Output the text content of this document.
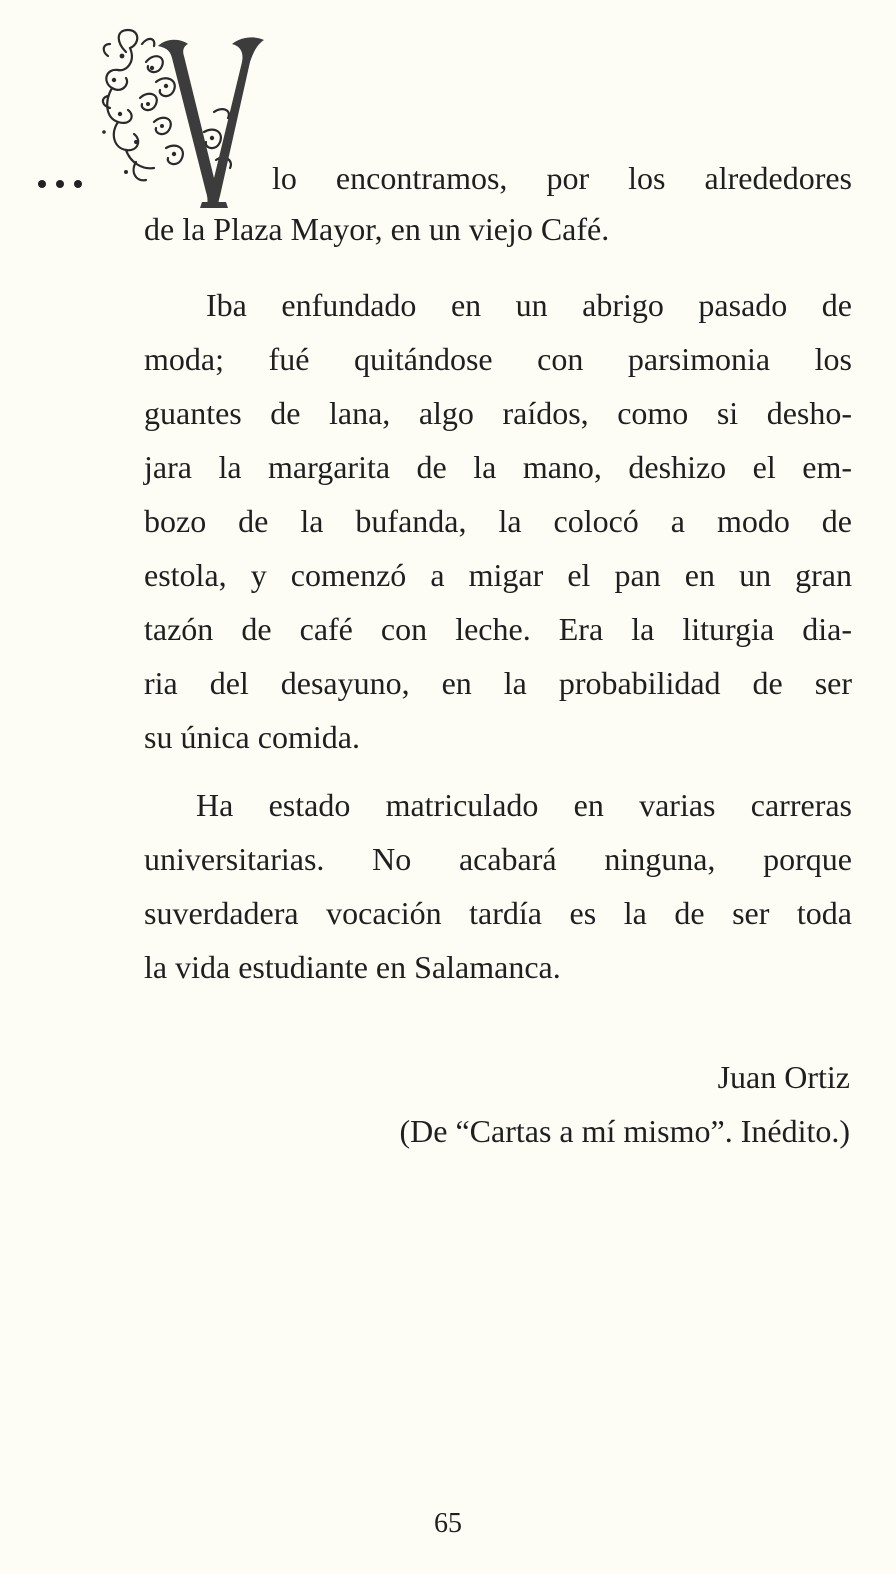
lo encontramos, por los alrededores
de la Plaza Mayor, en un viejo Café.
Iba enfundado en un abrigo pasado de
moda; fué quitándose con parsimonia los
guantes de lana, algo raídos, como si desho-
jara la margarita de la mano, deshizo el em-
bozo de la bufanda, la colocó a modo de
estola, y comenzó a migar el pan en un gran
tazón de café con leche. Era la liturgia dia-
ria del desayuno, en la probabilidad de ser
su única comida.
Ha estado matriculado en varias carreras
universitarias. No acabará ninguna, porque
suverdadera vocación tardía es la de ser toda
la vida estudiante en Salamanca.
Juan Ortiz
(De “Cartas a mí mismo”. Inédito.)
65
